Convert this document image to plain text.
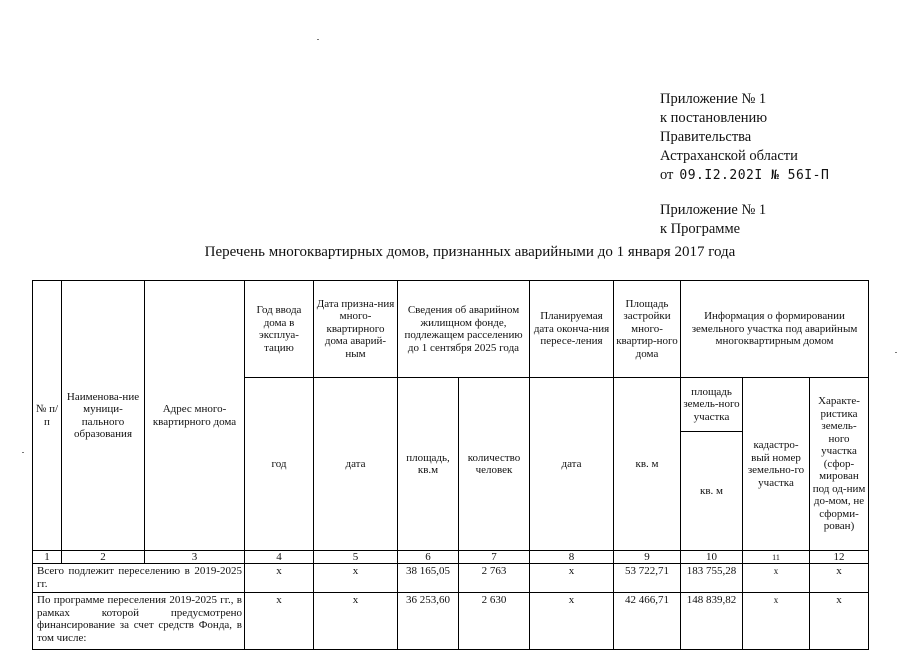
Приложение № 1
к постановлению
Правительства
Астраханской области
от 09.I2.202I № 56I-П
Приложение № 1
к Программе
Перечень многоквартирных домов, признанных аварийными до 1 января 2017 года
№ п/п	Наименова-ние муници-пального образования	Адрес много-квартирного дома	Год ввода дома в эксплуа-тацию	Дата призна-ния много-квартирного дома аварий-ным	Сведения об аварийном жилищном фонде, подлежащем расселению до 1 сентября 2025 года		Планируемая дата оконча-ния пересе-ления	Площадь застройки много-квартир-ного дома	Информация о формировании земельного участка под аварийным многоквартирным домом		
			год	дата	площадь, кв.м	количество человек	дата	кв. м	площадь земель-ного участка	кадастро-вый номер земельно-го участка	Характе-ристика земель-ного участка (сфор-мирован под од-ним до-мом, не сформи-рован)
									кв. м		
1	2	3	4	5	6	7	8	9	10	11	12
Всего подлежит переселению в 2019-2025 гг.			х	х	38 165,05	2 763	х	53 722,71	183 755,28	х	х
По программе переселения 2019-2025 гг., в рамках которой предусмотрено финансирование за счет средств Фонда, в том числе:			х	х	36 253,60	2 630	х	42 466,71	148 839,82	х	х
